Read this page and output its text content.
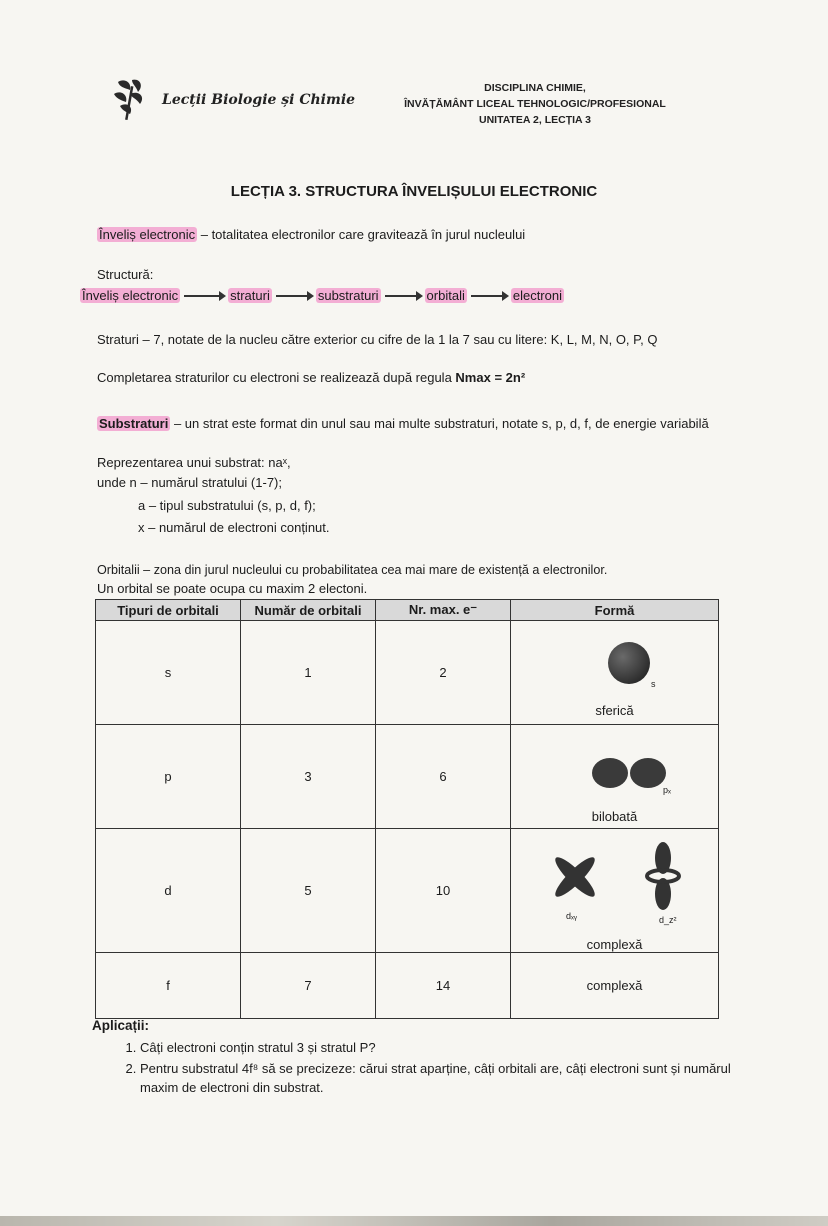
Lecții Biologie și Chimie
DISCIPLINA CHIMIE,
ÎNVĂȚĂMÂNT LICEAL TEHNOLOGIC/PROFESIONAL
UNITATEA 2, LECȚIA 3
LECȚIA 3. STRUCTURA ÎNVELIȘULUI ELECTRONIC
Înveliș electronic – totalitatea electronilor care gravitează în jurul nucleului
Structură:
Înveliș electronic	straturi	substraturi	orbitali	electroni
Straturi – 7, notate de la nucleu către exterior cu cifre de la 1 la 7 sau cu litere: K, L, M, N, O, P, Q
Completarea straturilor cu electroni se realizează după regula Nmax = 2n²
Substraturi – un strat este format din unul sau mai multe substraturi, notate s, p, d, f, de energie variabilă
Reprezentarea unui substrat: naˣ,
unde n – numărul stratului (1-7);
a – tipul substratului (s, p, d, f);
x – numărul de electroni conținut.
Orbitalii – zona din jurul nucleului cu probabilitatea cea mai mare de existență a electronilor.
Un orbital se poate ocupa cu maxim 2 electoni.
Tipuri de orbitali	Număr de orbitali	Nr. max. e⁻	Formă
s	1	2	s
sferică

p	3	6	pₓ
bilobată

d	5	10	dₓᵧ d_z²
complexă

f	7	14	complexă
Aplicații:
1. Câți electroni conțin stratul 3 și stratul P?
2. Pentru substratul 4f⁸ să se precizeze: cărui strat aparține, câți orbitali are, câți electroni sunt și numărul maxim de electroni din substrat.
